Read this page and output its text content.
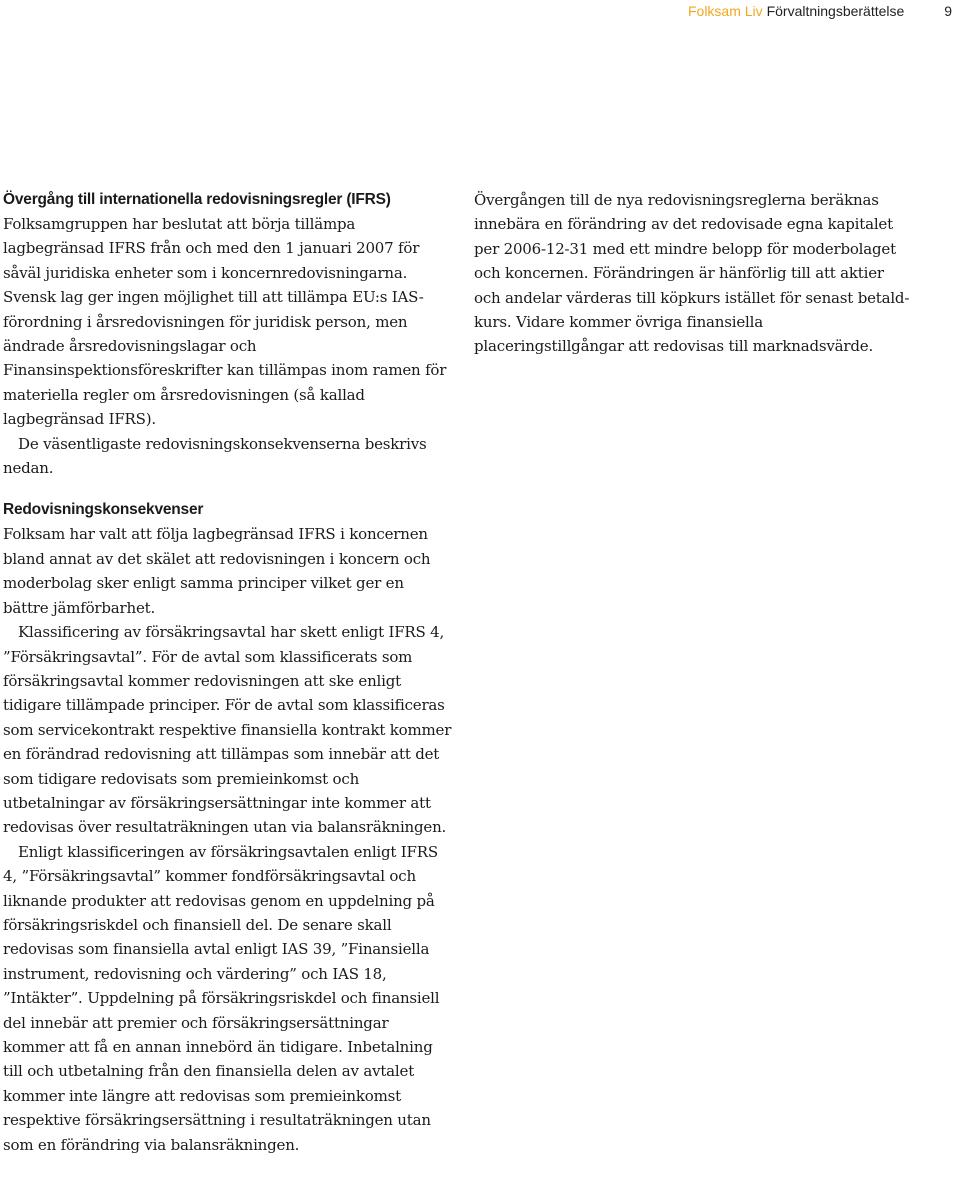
Folksam Liv Förvaltningsberättelse	9
Övergång till internationella redovisningsregler (IFRS)

Folksamgruppen har beslutat att börja tillämpa lagbegränsad IFRS från och med den 1 januari 2007 för såväl juridiska enheter som i koncernredovisningarna. Svensk lag ger ingen möjlighet till att tillämpa EU:s IAS-förordning i årsredovisningen för juridisk person, men ändrade årsredovisningslagar och Finansinspektionsföreskrifter kan tillämpas inom ramen för materiella regler om årsredovisningen (så kallad lagbegränsad IFRS).

De väsentligaste redovisningskonsekvenserna beskrivs nedan.

Redovisningskonsekvenser

Folksam har valt att följa lagbegränsad IFRS i koncernen bland annat av det skälet att redovisningen i koncern och moderbolag sker enligt samma principer vilket ger en bättre jämförbarhet.

Klassificering av försäkringsavtal har skett enligt IFRS 4, ”Försäkringsavtal”. För de avtal som klassificerats som försäkringsavtal kommer redovisningen att ske enligt tidigare tillämpade principer. För de avtal som klassificeras som servicekontrakt respektive finansiella kontrakt kommer en förändrad redovisning att tillämpas som innebär att det som tidigare redovisats som premieinkomst och utbetalningar av försäkringsersättningar inte kommer att redovisas över resultaträkningen utan via balansräkningen.

Enligt klassificeringen av försäkringsavtalen enligt IFRS 4, ”Försäkringsavtal” kommer fondförsäkringsavtal och liknande produkter att redovisas genom en uppdelning på försäkringsriskdel och finansiell del. De senare skall redovisas som finansiella avtal enligt IAS 39, ”Finansiella instrument, redovisning och värdering” och IAS 18, ”Intäkter”. Uppdelning på försäkringsriskdel och finansiell del innebär att premier och försäkringsersättningar kommer att få en annan innebörd än tidigare. Inbetalning till och utbetalning från den finansiella delen av avtalet kommer inte längre att redovisas som premieinkomst respektive försäkringsersättning i resultaträkningen utan som en förändring via balansräkningen.

Övergången till de nya redovisningsreglerna beräknas innebära en förändring av det redovisade egna kapitalet per 2006-12-31 med ett mindre belopp för moderbolaget och koncernen. Förändringen är hänförlig till att aktier och andelar värderas till köpkurs istället för senast betald-kurs. Vidare kommer övriga finansiella placeringstillgångar att redovisas till marknadsvärde.
